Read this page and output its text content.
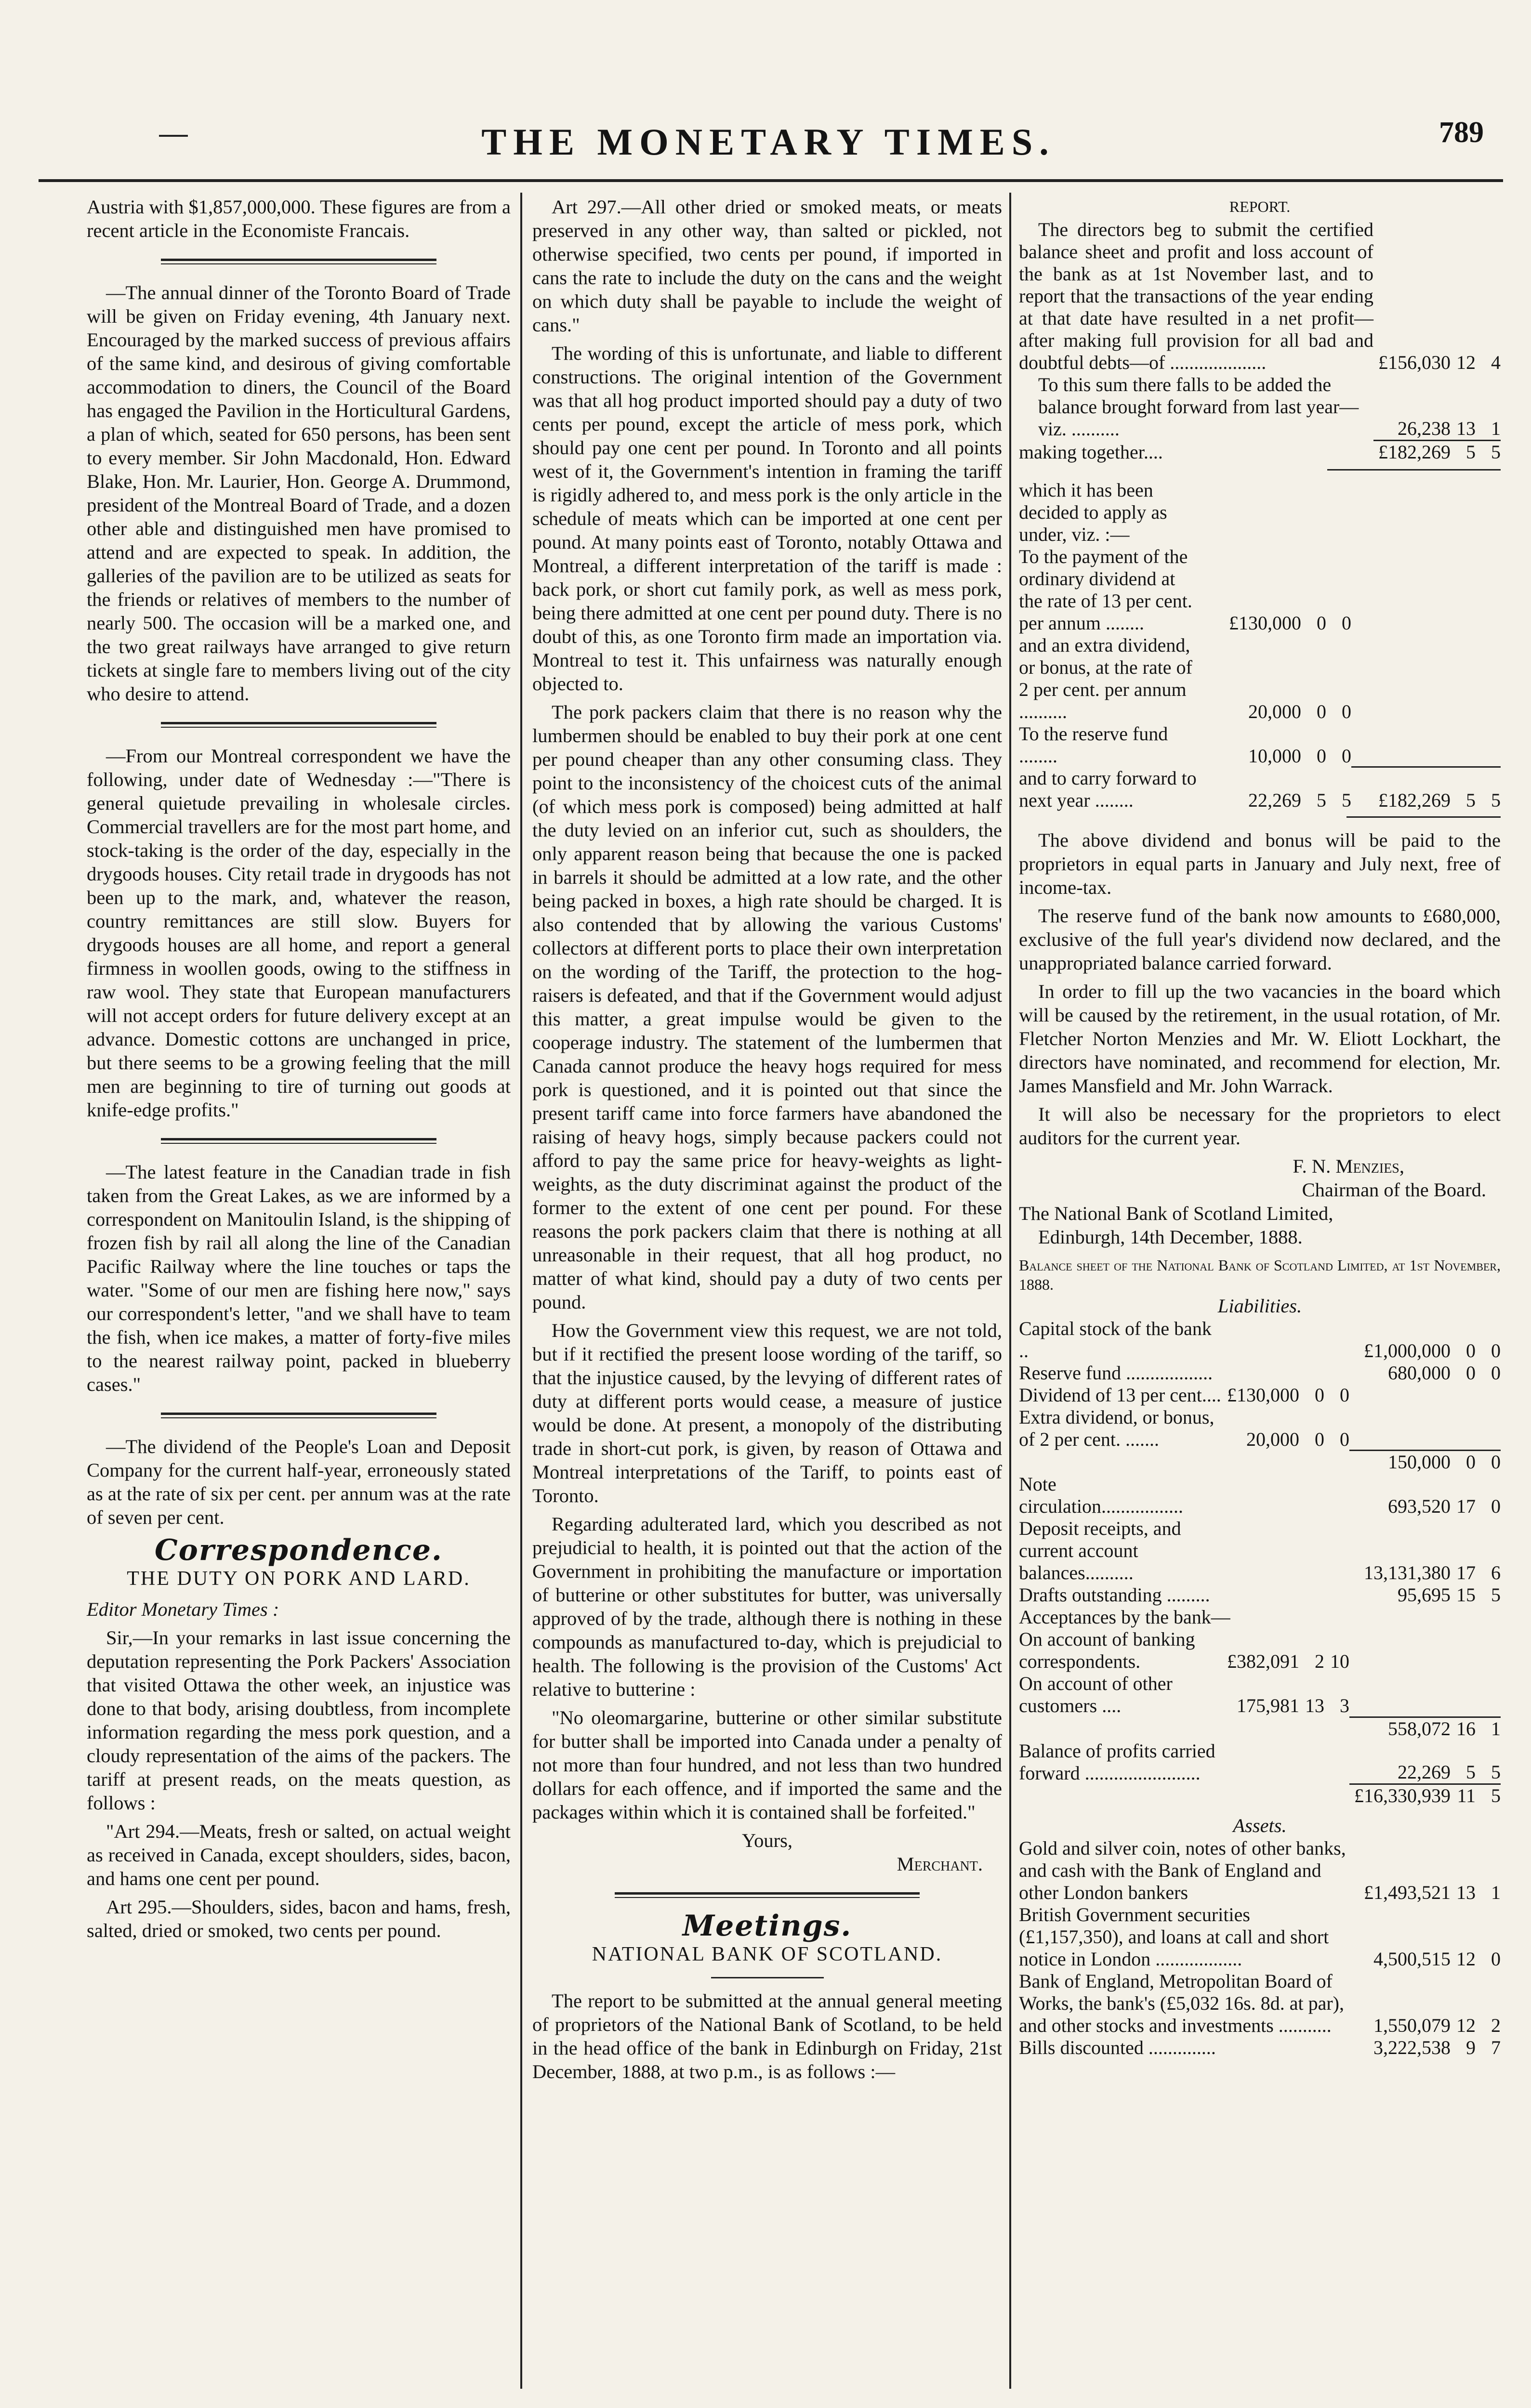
THE MONETARY TIMES.	789

Austria with $1,857,000,000. These figures are from a recent article in the Economiste Francais.

—The annual dinner of the Toronto Board of Trade will be given on Friday evening, 4th January next. Encouraged by the marked success of previous affairs of the same kind, and desirous of giving comfortable accommodation to diners, the Council of the Board has engaged the Pavilion in the Horticultural Gardens, a plan of which, seated for 650 persons, has been sent to every member. Sir John Macdonald, Hon. Edward Blake, Hon. Mr. Laurier, Hon. George A. Drummond, president of the Montreal Board of Trade, and a dozen other able and distinguished men have promised to attend and are expected to speak. In addition, the galleries of the pavilion are to be utilized as seats for the friends or relatives of members to the number of nearly 500. The occasion will be a marked one, and the two great railways have arranged to give return tickets at single fare to members living out of the city who desire to attend.

—From our Montreal correspondent we have the following, under date of Wednesday :—"There is general quietude prevailing in wholesale circles. Commercial travellers are for the most part home, and stock-taking is the order of the day, especially in the drygoods houses. City retail trade in drygoods has not been up to the mark, and, whatever the reason, country remittances are still slow. Buyers for drygoods houses are all home, and report a general firmness in woollen goods, owing to the stiffness in raw wool. They state that European manufacturers will not accept orders for future delivery except at an advance. Domestic cottons are unchanged in price, but there seems to be a growing feeling that the mill men are beginning to tire of turning out goods at knife-edge profits."

—The latest feature in the Canadian trade in fish taken from the Great Lakes, as we are informed by a correspondent on Manitoulin Island, is the shipping of frozen fish by rail all along the line of the Canadian Pacific Railway where the line touches or taps the water. "Some of our men are fishing here now," says our correspondent's letter, "and we shall have to team the fish, when ice makes, a matter of forty-five miles to the nearest railway point, packed in blueberry cases."

—The dividend of the People's Loan and Deposit Company for the current half-year, erroneously stated as at the rate of six per cent. per annum was at the rate of seven per cent.

Correspondence.
THE DUTY ON PORK AND LARD.

Editor Monetary Times :

Sir,—In your remarks in last issue concerning the deputation representing the Pork Packers' Association that visited Ottawa the other week, an injustice was done to that body, arising doubtless, from incomplete information regarding the mess pork question, and a cloudy representation of the aims of the packers. The tariff at present reads, on the meats question, as follows :

"Art 294.—Meats, fresh or salted, on actual weight as received in Canada, except shoulders, sides, bacon, and hams one cent per pound.

Art 295.—Shoulders, sides, bacon and hams, fresh, salted, dried or smoked, two cents per pound.

Art 297.—All other dried or smoked meats, or meats preserved in any other way, than salted or pickled, not otherwise specified, two cents per pound, if imported in cans the rate to include the duty on the cans and the weight on which duty shall be payable to include the weight of cans."

The wording of this is unfortunate, and liable to different constructions. The original intention of the Government was that all hog product imported should pay a duty of two cents per pound, except the article of mess pork, which should pay one cent per pound. In Toronto and all points west of it, the Government's intention in framing the tariff is rigidly adhered to, and mess pork is the only article in the schedule of meats which can be imported at one cent per pound. At many points east of Toronto, notably Ottawa and Montreal, a different interpretation of the tariff is made : back pork, or short cut family pork, as well as mess pork, being there admitted at one cent per pound duty. There is no doubt of this, as one Toronto firm made an importation via. Montreal to test it. This unfairness was naturally enough objected to.

The pork packers claim that there is no reason why the lumbermen should be enabled to buy their pork at one cent per pound cheaper than any other consuming class. They point to the inconsistency of the choicest cuts of the animal (of which mess pork is composed) being admitted at half the duty levied on an inferior cut, such as shoulders, the only apparent reason being that because the one is packed in barrels it should be admitted at a low rate, and the other being packed in boxes, a high rate should be charged. It is also contended that by allowing the various Customs' collectors at different ports to place their own interpretation on the wording of the Tariff, the protection to the hog-raisers is defeated, and that if the Government would adjust this matter, a great impulse would be given to the cooperage industry. The statement of the lumbermen that Canada cannot produce the heavy hogs required for mess pork is questioned, and it is pointed out that since the present tariff came into force farmers have abandoned the raising of heavy hogs, simply because packers could not afford to pay the same price for heavy-weights as light-weights, as the duty discriminat against the product of the former to the extent of one cent per pound. For these reasons the pork packers claim that there is nothing at all unreasonable in their request, that all hog product, no matter of what kind, should pay a duty of two cents per pound.

How the Government view this request, we are not told, but if it rectified the present loose wording of the tariff, so that the injustice caused, by the levying of different rates of duty at different ports would cease, a measure of justice would be done. At present, a monopoly of the distributing trade in short-cut pork, is given, by reason of Ottawa and Montreal interpretations of the Tariff, to points east of Toronto.

Regarding adulterated lard, which you described as not prejudicial to health, it is pointed out that the action of the Government in prohibiting the manufacture or importation of butterine or other substitutes for butter, was universally approved of by the trade, although there is nothing in these compounds as manufactured to-day, which is prejudicial to health. The following is the provision of the Customs' Act relative to butterine :

"No oleomargarine, butterine or other similar substitute for butter shall be imported into Canada under a penalty of not more than four hundred, and not less than two hundred dollars for each offence, and if imported the same and the packages within which it is contained shall be forfeited."

Yours,
Merchant.
Meetings.
NATIONAL BANK OF SCOTLAND.

The report to be submitted at the annual general meeting of proprietors of the National Bank of Scotland, to be held in the head office of the bank in Edinburgh on Friday, 21st December, 1888, at two p.m., is as follows :—

REPORT.
The directors beg to submit the certified balance sheet and profit and loss account of the bank as at 1st November last, and to report that the transactions of the year ending at that date have resulted in a net profit—after making full provision for all bad and doubtful debts—of ....................	£156,030	12	4
To this sum there falls to be added the balance brought forward from last year—viz. ..........	26,238	13	1
making together....	£182,269	5	5
which it has been decided to apply as under, viz. :—						
To the payment of the ordinary dividend at the rate of 13 per cent. per annum ........	£130,000	0	0			
and an extra dividend, or bonus, at the rate of 2 per cent. per annum ..........	20,000	0	0			
To the reserve fund ........	10,000	0	0			
and to carry forward to next year ........	22,269	5	5	£182,269	5	5

The above dividend and bonus will be paid to the proprietors in equal parts in January and July next, free of income-tax.

The reserve fund of the bank now amounts to £680,000, exclusive of the full year's dividend now declared, and the unappropriated balance carried forward.

In order to fill up the two vacancies in the board which will be caused by the retirement, in the usual rotation, of Mr. Fletcher Norton Menzies and Mr. W. Eliott Lockhart, the directors have nominated, and recommend for election, Mr. James Mansfield and Mr. John Warrack.

It will also be necessary for the proprietors to elect auditors for the current year.

F. N. Menzies,
Chairman of the Board.
The National Bank of Scotland Limited,
Edinburgh, 14th December, 1888.
Balance sheet of the National Bank of Scotland Limited, at 1st November, 1888.
Liabilities.
Capital stock of the bank ..				£1,000,000	0	0
Reserve fund ..................				680,000	0	0
Dividend of 13 per cent....	£130,000	0	0			
Extra dividend, or bonus, of 2 per cent. .......	20,000	0	0			
				150,000	0	0
Note circulation.................				693,520	17	0
Deposit receipts, and current account balances..........				13,131,380	17	6
Drafts outstanding .........				95,695	15	5
Acceptances by the bank—						
On account of banking correspondents.	£382,091	2	10			
On account of other customers ....	175,981	13	3			
				558,072	16	1
Balance of profits carried forward ........................				22,269	5	5
				£16,330,939	11	5
Assets.
Gold and silver coin, notes of other banks, and cash with the Bank of England and other London bankers	£1,493,521	13	1
British Government securities (£1,157,350), and loans at call and short notice in London ..................	4,500,515	12	0
Bank of England, Metropolitan Board of Works, the bank's (£5,032 16s. 8d. at par), and other stocks and investments ...........	1,550,079	12	2
Bills discounted ..............	3,222,538	9	7
